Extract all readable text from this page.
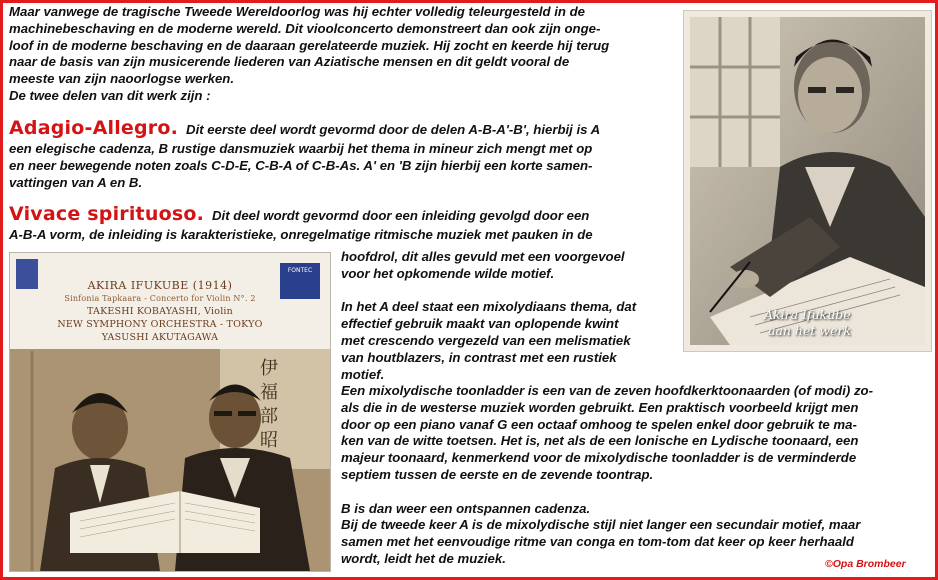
Maar vanwege de tragische Tweede Wereldoorlog was hij echter volledig teleurgesteld in de
machinebeschaving en de moderne wereld. Dit vioolconcerto demonstreert dan ook zijn onge-
loof in de moderne beschaving en de daaraan gerelateerde muziek. Hij zocht en keerde hij terug
naar de basis van zijn musicerende liederen van Aziatische mensen en dit geldt vooral de
meeste van zijn naoorlogse werken.
De twee delen van dit werk zijn :
Adagio-Allegro. Dit eerste deel wordt gevormd door de delen A-B-A'-B', hierbij is A
een elegische cadenza, B rustige dansmuziek waarbij het thema in mineur zich mengt met op
en neer bewegende noten zoals C-D-E, C-B-A of C-B-As. A' en 'B zijn hierbij een korte samen-
vattingen van A en B.
Vivace spirituoso. Dit deel wordt gevormd door een inleiding gevolgd door een
A-B-A vorm, de inleiding is karakteristieke, onregelmatige ritmische muziek met pauken in de
hoofdrol, dit alles gevuld met een voorgevoel
voor het opkomende wilde motief.

In het A deel staat een mixolydiaans thema, dat
effectief gebruik maakt van oplopende kwint
met crescendo vergezeld van een melismatiek
van houtblazers, in contrast met een rustiek
motief.
Een mixolydische toonladder is een van de zeven hoofdkerktoonaarden (of modi) zo-
als die in de westerse muziek worden gebruikt. Een praktisch voorbeeld krijgt men
door op een piano vanaf G een octaaf omhoog te spelen enkel door gebruik te ma-
ken van de witte toetsen. Het is, net als de een lonische en Lydische toonaard, een
majeur toonaard, kenmerkend voor de mixolydische toonladder is de verminderde
septiem tussen de eerste en de zevende toontrap.

B is dan weer een ontspannen cadenza.
Bij de tweede keer A is de mixolydische stijl niet langer een secundair motief, maar
samen met het eenvoudige ritme van conga en tom-tom dat keer op keer herhaald
wordt, leidt het de muziek.
Akira Ifukube
aan het werk
FONTEC
AKIRA IFUKUBE (1914)
Sinfonia Tapkaara - Concerto for Violin N°. 2
TAKESHI KOBAYASHI, Violin
NEW SYMPHONY ORCHESTRA - TOKYO
YASUSHI AKUTAGAWA
伊 福 部 昭
©Opa Brombeer
